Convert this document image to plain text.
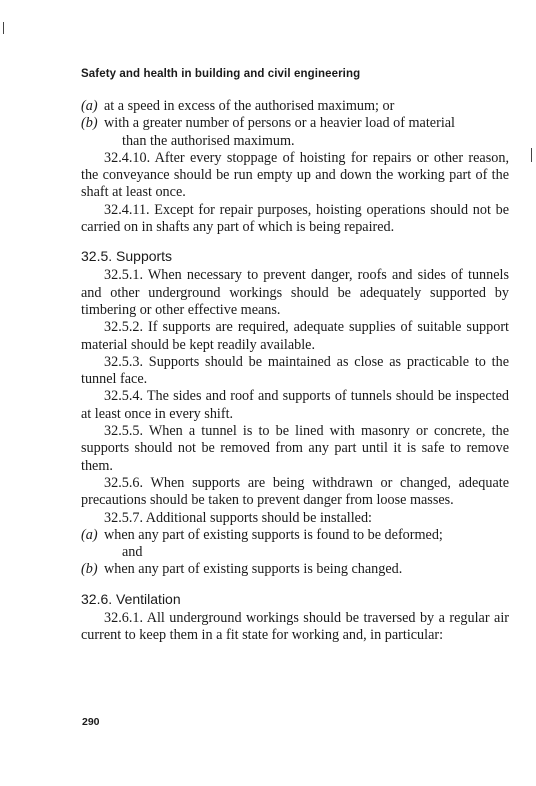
Safety and health in building and civil engineering
(a) at a speed in excess of the authorised maximum; or
(b) with a greater number of persons or a heavier load of material
than the authorised maximum.

32.4.10. After every stoppage of hoisting for repairs or other reason, the conveyance should be run empty up and down the working part of the shaft at least once.

32.4.11. Except for repair purposes, hoisting operations should not be carried on in shafts any part of which is being repaired.

32.5. Supports

32.5.1. When necessary to prevent danger, roofs and sides of tunnels and other underground workings should be adequately supported by timbering or other effective means.

32.5.2. If supports are required, adequate supplies of suitable support material should be kept readily available.

32.5.3. Supports should be maintained as close as practicable to the tunnel face.

32.5.4. The sides and roof and supports of tunnels should be inspected at least once in every shift.

32.5.5. When a tunnel is to be lined with masonry or concrete, the supports should not be removed from any part until it is safe to remove them.

32.5.6. When supports are being withdrawn or changed, adequate precautions should be taken to prevent danger from loose masses.

32.5.7. Additional supports should be installed:

(a) when any part of existing supports is found to be deformed;
and
(b) when any part of existing supports is being changed.
32.6. Ventilation

32.6.1. All underground workings should be traversed by a regular air current to keep them in a fit state for working and, in particular:

290
